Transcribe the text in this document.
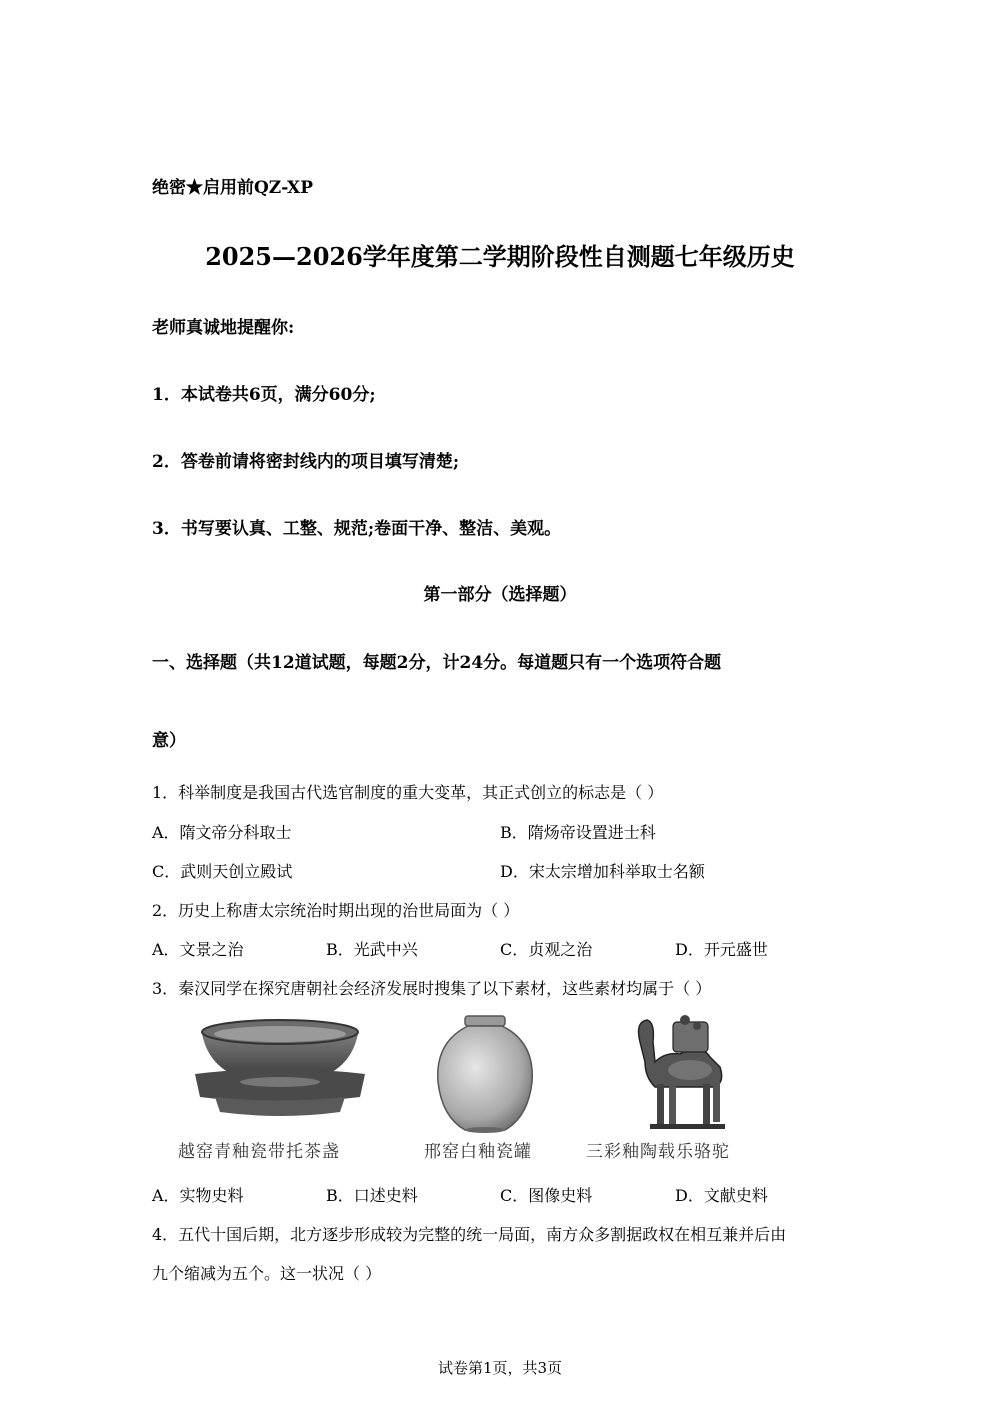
绝密★启用前QZ-XP
2025—2026学年度第二学期阶段性自测题七年级历史
老师真诚地提醒你:
1．本试卷共6页，满分60分;
2．答卷前请将密封线内的项目填写清楚;
3．书写要认真、工整、规范;卷面干净、整洁、美观。
第一部分（选择题）
一、选择题（共12道试题，每题2分，计24分。每道题只有一个选项符合题
意）
1．科举制度是我国古代选官制度的重大变革，其正式创立的标志是（ ）
A．隋文帝分科取士	B．隋炀帝设置进士科
C．武则天创立殿试	D．宋太宗增加科举取士名额
2．历史上称唐太宗统治时期出现的治世局面为（ ）
A．文景之治	B．光武中兴	C．贞观之治	D．开元盛世
3．秦汉同学在探究唐朝社会经济发展时搜集了以下素材，这些素材均属于（ ）
越窑青釉瓷带托茶盏	邢窑白釉瓷罐	三彩釉陶载乐骆驼
A．实物史料	B．口述史料	C．图像史料	D．文献史料
4．五代十国后期，北方逐步形成较为完整的统一局面，南方众多割据政权在相互兼并后由
九个缩减为五个。这一状况（ ）
试卷第1页，共3页
